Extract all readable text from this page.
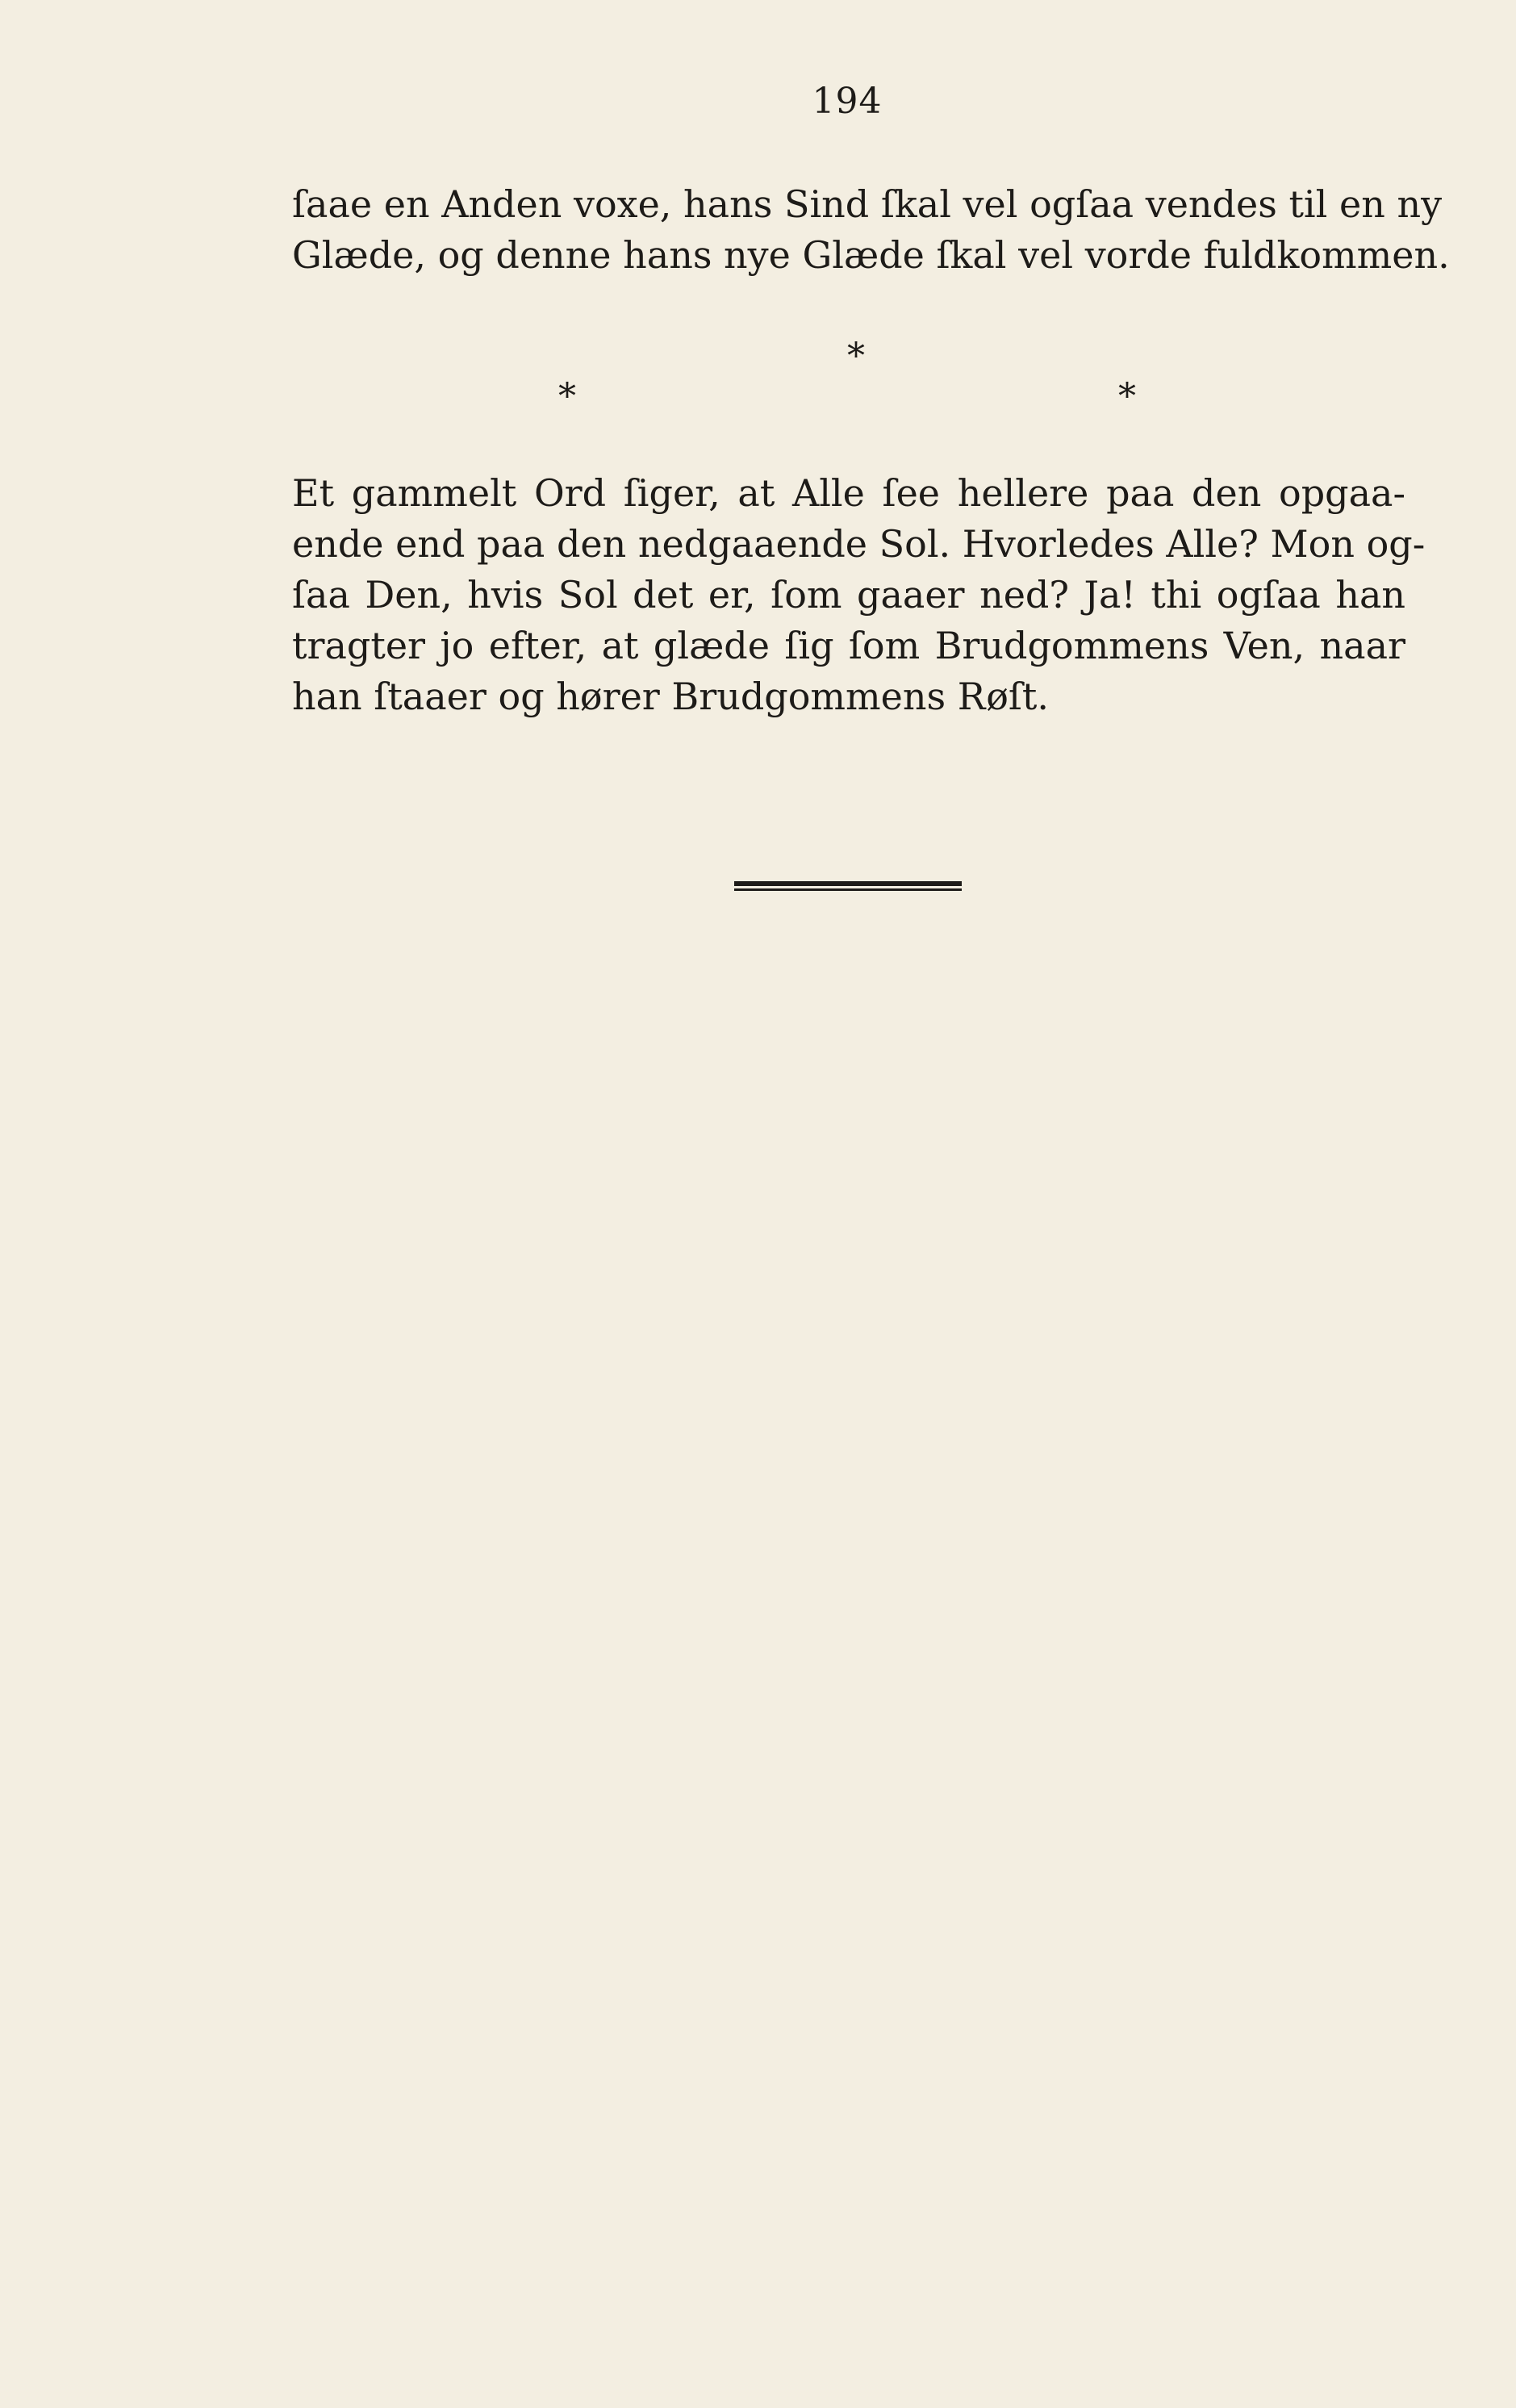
194
ſaae en Anden voxe, hans Sind ſkal vel ogſaa vendes til en ny
Glæde, og denne hans nye Glæde ſkal vel vorde fuldkommen.
*
*	*
Et gammelt Ord ſiger, at Alle ſee hellere paa den opgaa-
ende end paa den nedgaaende Sol. Hvorledes Alle? Mon og-
ſaa Den, hvis Sol det er, ſom gaaer ned? Ja! thi ogſaa han
tragter jo efter, at glæde ſig ſom Brudgommens Ven, naar
han ſtaaer og hører Brudgommens Røſt.
